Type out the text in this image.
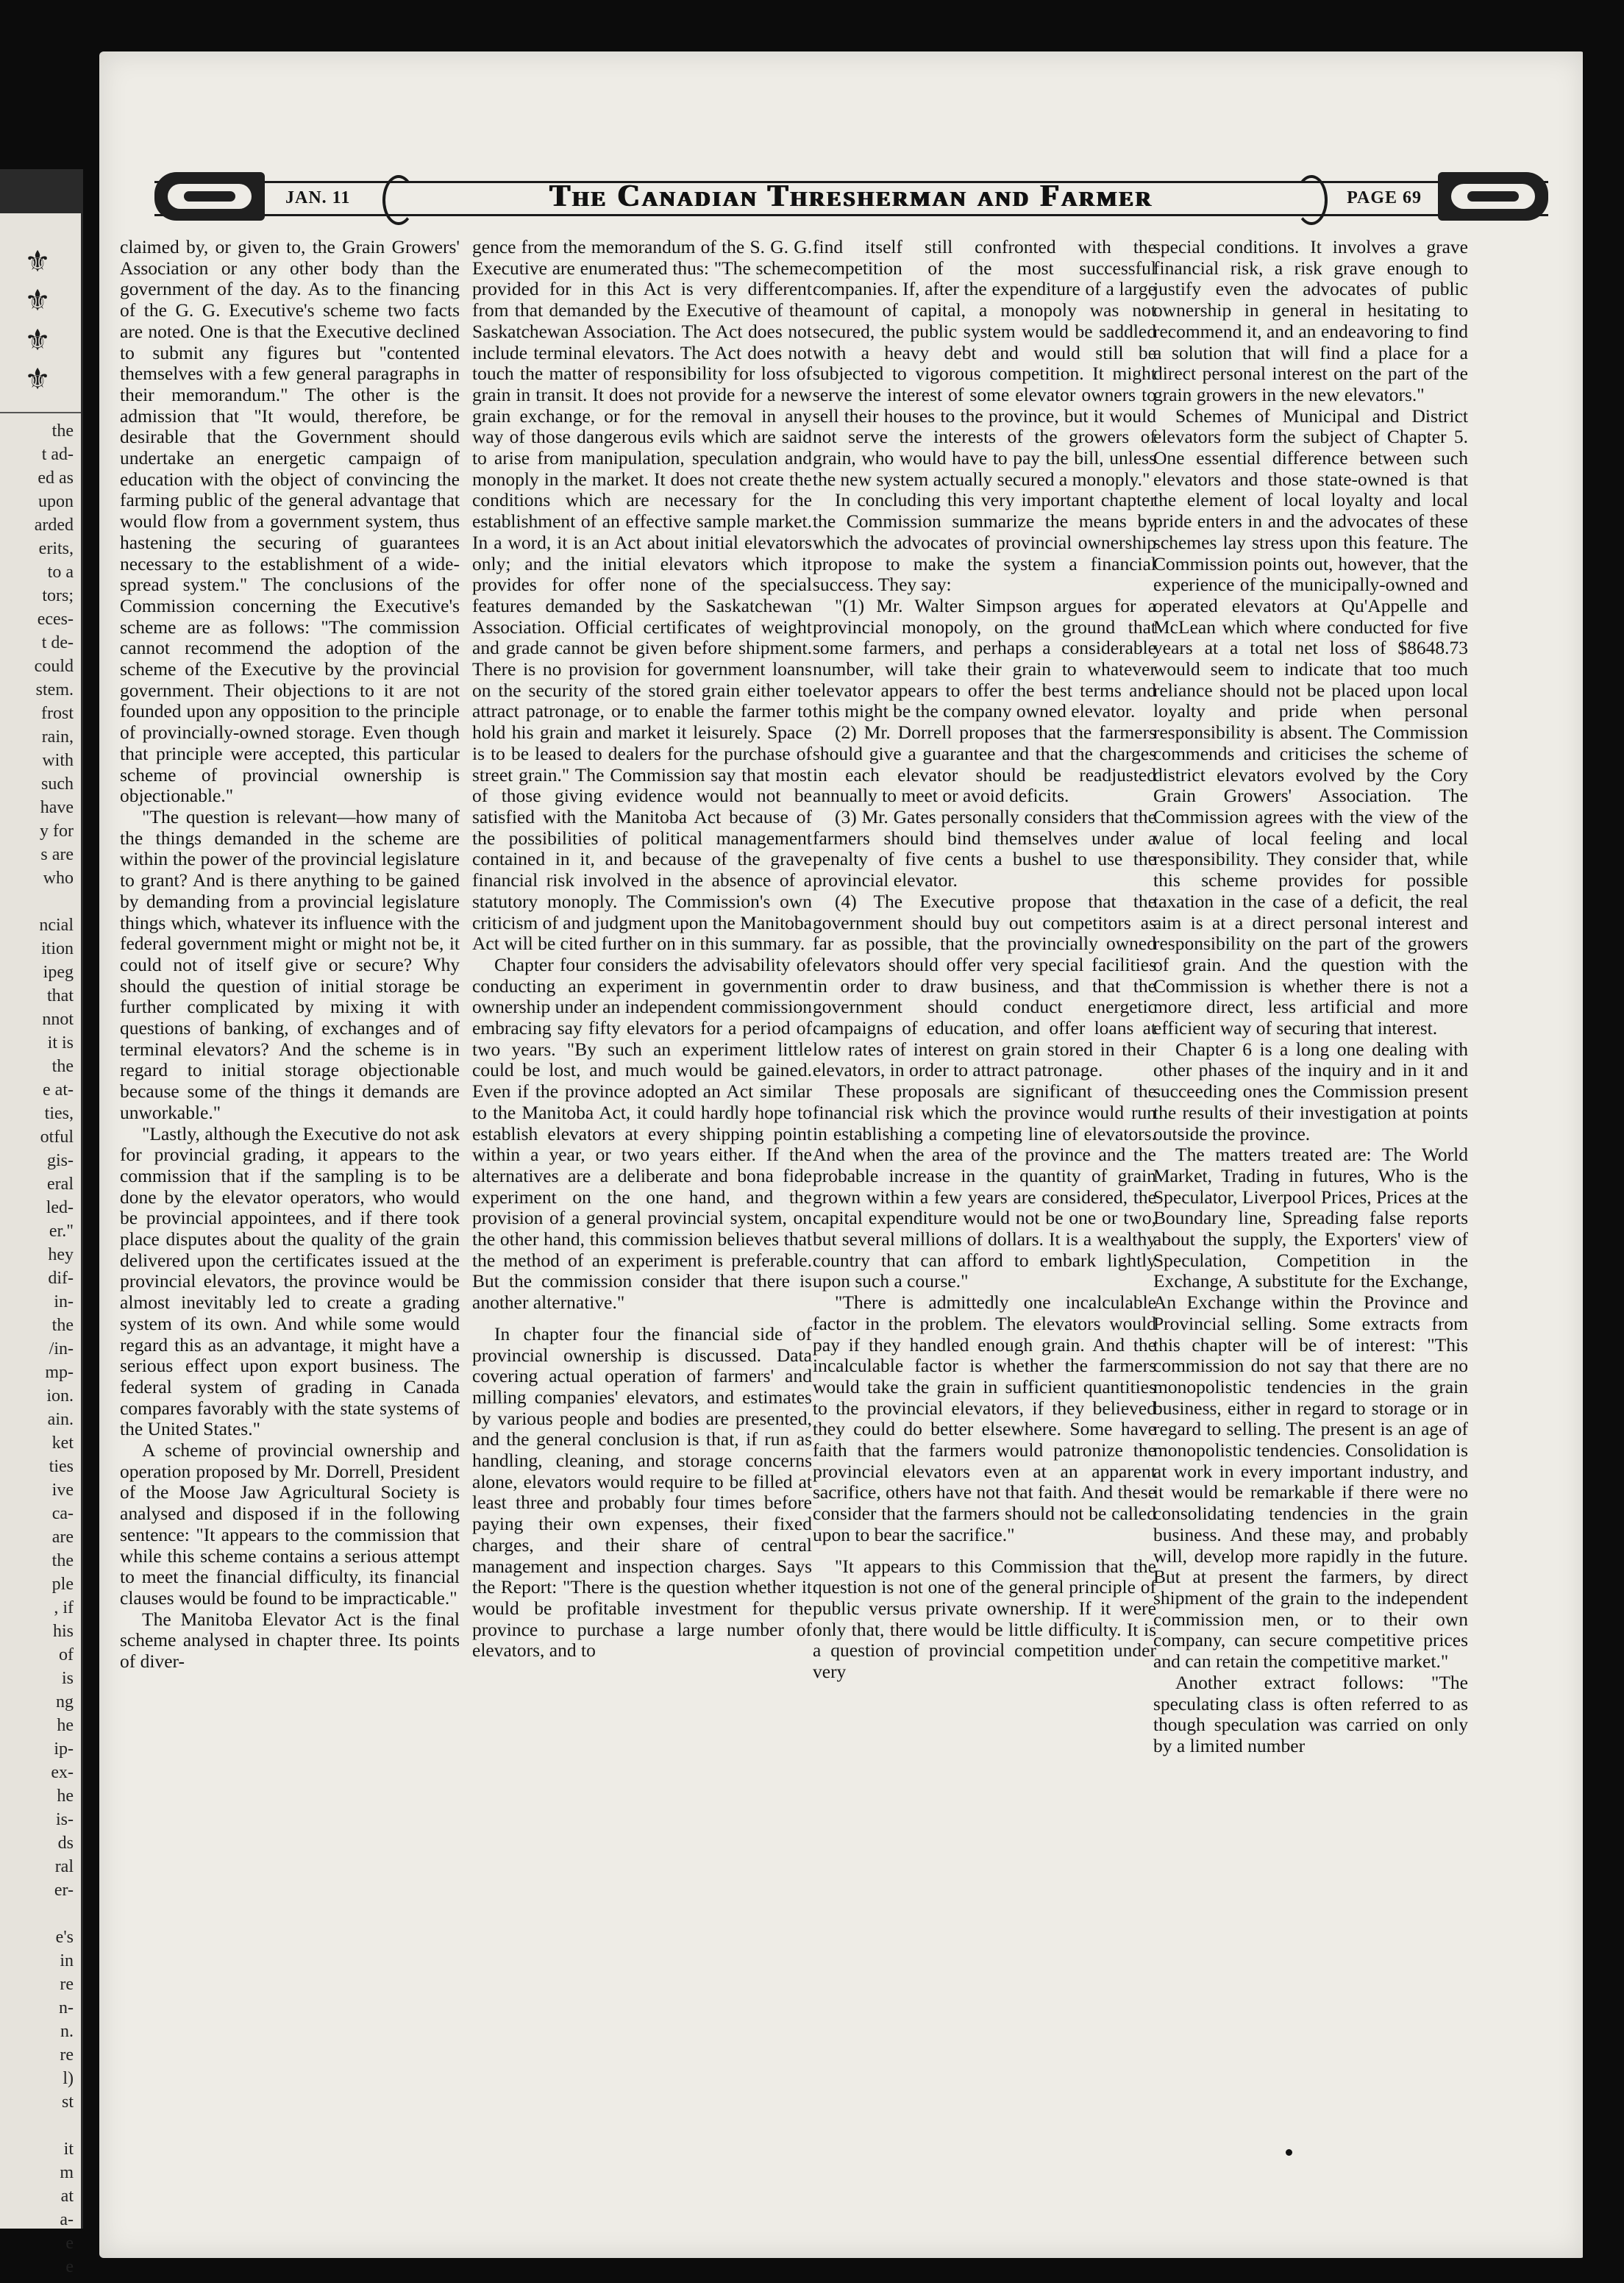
⚜
⚜
⚜
⚜
the
t ad-
ed as
upon
arded
erits,
to a
tors;
eces-
t de-
could
stem.
frost
rain,
with
such
have
y for
s are
who

ncial
ition
ipeg
that
nnot
it is
the
e at-
ties,
otful
gis-
eral
led-
er."
hey
dif-
in-
the
/in-
mp-
ion.
ain.
ket
ties
ive
ca-
are
the
ple
, if
his
of
is
ng
he
ip-
ex-
he
is-
ds
ral
er-

e's
in
re
n-
n.
re
l)
st

it
m
at
a-
e
e
JAN. 11	The Canadian Thresherman and Farmer	PAGE 69

claimed by, or given to, the Grain Growers' Association or any other body than the government of the day. As to the financing of the G. G. Executive's scheme two facts are noted. One is that the Executive declined to submit any figures but "contented themselves with a few general paragraphs in their memorandum." The other is the admission that "It would, therefore, be desirable that the Government should undertake an energetic campaign of education with the object of convincing the farming public of the general advantage that would flow from a government system, thus hastening the securing of guarantees necessary to the establishment of a wide-spread system." The conclusions of the Commission concerning the Executive's scheme are as follows: "The commission cannot recommend the adoption of the scheme of the Executive by the provincial government. Their objections to it are not founded upon any opposition to the principle of provincially-owned storage. Even though that principle were accepted, this particular scheme of provincial ownership is objectionable."

"The question is relevant—how many of the things demanded in the scheme are within the power of the provincial legislature to grant? And is there anything to be gained by demanding from a provincial legislature things which, whatever its influence with the federal government might or might not be, it could not of itself give or secure? Why should the question of initial storage be further complicated by mixing it with questions of banking, of exchanges and of terminal elevators? And the scheme is in regard to initial storage objectionable because some of the things it demands are unworkable."

"Lastly, although the Executive do not ask for provincial grading, it appears to the commission that if the sampling is to be done by the elevator operators, who would be provincial appointees, and if there took place disputes about the quality of the grain delivered upon the certificates issued at the provincial elevators, the province would be almost inevitably led to create a grading system of its own. And while some would regard this as an advantage, it might have a serious effect upon export business. The federal system of grading in Canada compares favorably with the state systems of the United States."

A scheme of provincial ownership and operation proposed by Mr. Dorrell, President of the Moose Jaw Agricultural Society is analysed and disposed if in the following sentence: "It appears to the commission that while this scheme contains a serious attempt to meet the financial difficulty, its financial clauses would be found to be impracticable."

The Manitoba Elevator Act is the final scheme analysed in chapter three. Its points of diver-

gence from the memorandum of the S. G. G. Executive are enumerated thus: "The scheme provided for in this Act is very different from that demanded by the Executive of the Saskatchewan Association. The Act does not include terminal elevators. The Act does not touch the matter of responsibility for loss of grain in transit. It does not provide for a new grain exchange, or for the removal in any way of those dangerous evils which are said to arise from manipulation, speculation and monoply in the market. It does not create the conditions which are necessary for the establishment of an effective sample market. In a word, it is an Act about initial elevators only; and the initial elevators which it provides for offer none of the special features demanded by the Saskatchewan Association. Official certificates of weight and grade cannot be given before shipment. There is no provision for government loans on the security of the stored grain either to attract patronage, or to enable the farmer to hold his grain and market it leisurely. Space is to be leased to dealers for the purchase of street grain." The Commission say that most of those giving evidence would not be satisfied with the Manitoba Act because of the possibilities of political management contained in it, and because of the grave financial risk involved in the absence of a statutory monoply. The Commission's own criticism of and judgment upon the Manitoba Act will be cited further on in this summary.

Chapter four considers the advisability of conducting an experiment in government ownership under an independent commission embracing say fifty elevators for a period of two years. "By such an experiment little could be lost, and much would be gained. Even if the province adopted an Act similar to the Manitoba Act, it could hardly hope to establish elevators at every shipping point within a year, or two years either. If the alternatives are a deliberate and bona fide experiment on the one hand, and the provision of a general provincial system, on the other hand, this commission believes that the method of an experiment is preferable. But the commission consider that there is another alternative."

In chapter four the financial side of provincial ownership is discussed. Data covering actual operation of farmers' and milling companies' elevators, and estimates by various people and bodies are presented, and the general conclusion is that, if run as handling, cleaning, and storage concerns alone, elevators would require to be filled at least three and probably four times before paying their own expenses, their fixed charges, and their share of central management and inspection charges. Says the Report: "There is the question whether it would be profitable investment for the province to purchase a large number of elevators, and to

find itself still confronted with the competition of the most successful companies. If, after the expenditure of a large amount of capital, a monopoly was not secured, the public system would be saddled with a heavy debt and would still be subjected to vigorous competition. It might serve the interest of some elevator owners to sell their houses to the province, but it would not serve the interests of the growers of grain, who would have to pay the bill, unless the new system actually secured a monoply."

In concluding this very important chapter the Commission summarize the means by which the advocates of provincial ownership propose to make the system a financial success. They say:

"(1) Mr. Walter Simpson argues for a provincial monopoly, on the ground that some farmers, and perhaps a considerable number, will take their grain to whatever elevator appears to offer the best terms and this might be the company owned elevator.

(2) Mr. Dorrell proposes that the farmers should give a guarantee and that the charges in each elevator should be readjusted annually to meet or avoid deficits.

(3) Mr. Gates personally considers that the farmers should bind themselves under a penalty of five cents a bushel to use the provincial elevator.

(4) The Executive propose that the government should buy out competitors as far as possible, that the provincially owned elevators should offer very special facilities in order to draw business, and that the government should conduct energetic campaigns of education, and offer loans at low rates of interest on grain stored in their elevators, in order to attract patronage.

These proposals are significant of the financial risk which the province would run in establishing a competing line of elevators. And when the area of the province and the probable increase in the quantity of grain grown within a few years are considered, the capital expenditure would not be one or two, but several millions of dollars. It is a wealthy country that can afford to embark lightly upon such a course."

"There is admittedly one incalculable factor in the problem. The elevators would pay if they handled enough grain. And the incalculable factor is whether the farmers would take the grain in sufficient quantities to the provincial elevators, if they believed they could do better elsewhere. Some have faith that the farmers would patronize the provincial elevators even at an apparent sacrifice, others have not that faith. And these consider that the farmers should not be called upon to bear the sacrifice."

"It appears to this Commission that the question is not one of the general principle of public versus private ownership. If it were only that, there would be little difficulty. It is a question of provincial competition under very

special conditions. It involves a grave financial risk, a risk grave enough to justify even the advocates of public ownership in general in hesitating to recommend it, and an endeavoring to find a solution that will find a place for a direct personal interest on the part of the grain growers in the new elevators."

Schemes of Municipal and District elevators form the subject of Chapter 5. One essential difference between such elevators and those state-owned is that the element of local loyalty and local pride enters in and the advocates of these schemes lay stress upon this feature. The Commission points out, however, that the experience of the municipally-owned and operated elevators at Qu'Appelle and McLean which where conducted for five years at a total net loss of $8648.73 would seem to indicate that too much reliance should not be placed upon local loyalty and pride when personal responsibility is absent. The Commission commends and criticises the scheme of district elevators evolved by the Cory Grain Growers' Association. The Commission agrees with the view of the value of local feeling and local responsibility. They consider that, while this scheme provides for possible taxation in the case of a deficit, the real aim is at a direct personal interest and responsibility on the part of the growers of grain. And the question with the Commission is whether there is not a more direct, less artificial and more efficient way of securing that interest.

Chapter 6 is a long one dealing with other phases of the inquiry and in it and succeeding ones the Commission present the results of their investigation at points outside the province.

The matters treated are: The World Market, Trading in futures, Who is the Speculator, Liverpool Prices, Prices at the Boundary line, Spreading false reports about the supply, the Exporters' view of Speculation, Competition in the Exchange, A substitute for the Exchange, An Exchange within the Province and Provincial selling. Some extracts from this chapter will be of interest: "This commission do not say that there are no monopolistic tendencies in the grain business, either in regard to storage or in regard to selling. The present is an age of monopolistic tendencies. Consolidation is at work in every important industry, and it would be remarkable if there were no consolidating tendencies in the grain business. And these may, and probably will, develop more rapidly in the future. But at present the farmers, by direct shipment of the grain to the independent commission men, or to their own company, can secure competitive prices and can retain the competitive market."

Another extract follows: "The speculating class is often referred to as though speculation was carried on only by a limited number
